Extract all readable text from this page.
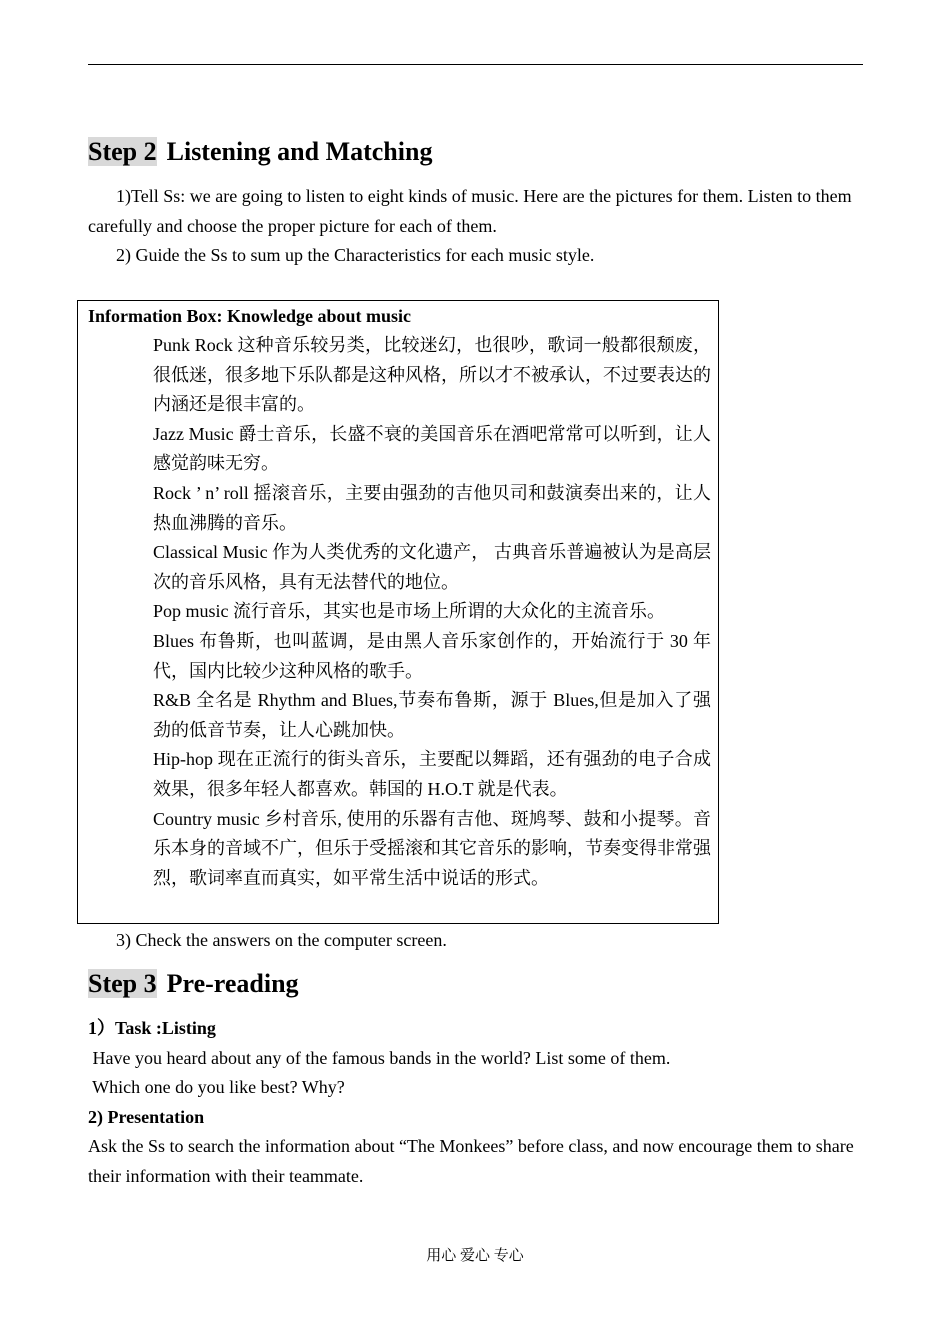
Step 2 Listening and Matching

1)Tell Ss: we are going to listen to eight kinds of music. Here are the pictures for them. Listen to them carefully and choose the proper picture for each of them.

2) Guide the Ss to sum up the Characteristics for each music style.

Information Box: Knowledge about music

Punk Rock 这种音乐较另类，比较迷幻，也很吵，歌词一般都很颓废，很低迷，很多地下乐队都是这种风格，所以才不被承认，不过要表达的内涵还是很丰富的。

Jazz Music 爵士音乐，长盛不衰的美国音乐在酒吧常常可以听到，让人感觉韵味无穷。

Rock ’ n’ roll 摇滚音乐，主要由强劲的吉他贝司和鼓演奏出来的，让人热血沸腾的音乐。

Classical Music 作为人类优秀的文化遗产， 古典音乐普遍被认为是高层次的音乐风格，具有无法替代的地位。

Pop music 流行音乐，其实也是市场上所谓的大众化的主流音乐。

Blues 布鲁斯，也叫蓝调，是由黑人音乐家创作的，开始流行于 30 年代，国内比较少这种风格的歌手。

R&B 全名是 Rhythm and Blues,节奏布鲁斯，源于 Blues,但是加入了强劲的低音节奏，让人心跳加快。

Hip-hop 现在正流行的街头音乐，主要配以舞蹈，还有强劲的电子合成效果，很多年轻人都喜欢。韩国的 H.O.T 就是代表。

Country music 乡村音乐, 使用的乐器有吉他、斑鸠琴、鼓和小提琴。音乐本身的音域不广，但乐于受摇滚和其它音乐的影响，节奏变得非常强烈，歌词率直而真实，如平常生活中说话的形式。

3) Check the answers on the computer screen.

Step 3 Pre-reading

1）Task :Listing

Have you heard about any of the famous bands in the world? List some of them.

Which one do you like best? Why?

2) Presentation

Ask the Ss to search the information about “The Monkees” before class, and now encourage them to share their information with their teammate.

用心 爱心 专心
